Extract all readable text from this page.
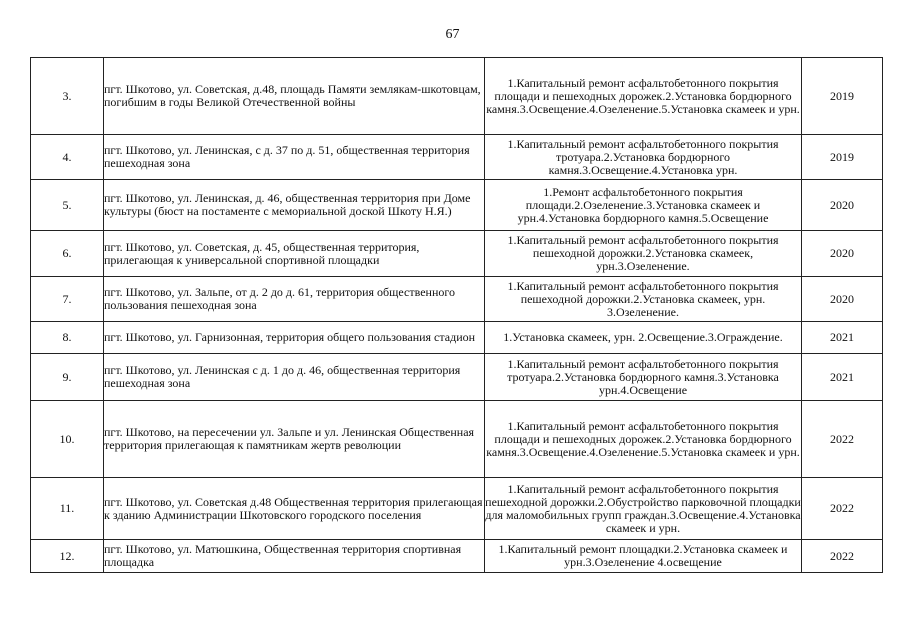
67
3.	пгт. Шкотово, ул. Советская, д.48, площадь Памяти землякам-шкотовцам, погибшим в годы Великой Отечественной войны	1.Капитальный ремонт асфальтобетонного покрытия площади и пешеходных дорожек.2.Установка бордюрного камня.3.Освещение.4.Озеленение.5.Установка скамеек и урн.	2019
4.	пгт. Шкотово, ул. Ленинская, с д. 37 по д. 51, общественная территория пешеходная зона	1.Капитальный ремонт асфальтобетонного покрытия тротуара.2.Установка бордюрного камня.3.Освещение.4.Установка урн.	2019
5.	пгт. Шкотово, ул. Ленинская, д. 46, общественная территория при Доме культуры (бюст на постаменте с мемориальной доской Шкоту Н.Я.)	1.Ремонт асфальтобетонного покрытия площади.2.Озеленение.3.Установка скамеек и урн.4.Установка бордюрного камня.5.Освещение	2020
6.	пгт. Шкотово, ул. Советская, д. 45, общественная территория, прилегающая к универсальной спортивной площадки	1.Капитальный ремонт асфальтобетонного покрытия пешеходной дорожки.2.Установка скамеек, урн.3.Озеленение.	2020
7.	пгт. Шкотово, ул. Зальпе, от д. 2 до д. 61, территория общественного пользования пешеходная зона	1.Капитальный ремонт асфальтобетонного покрытия пешеходной дорожки.2.Установка скамеек, урн. 3.Озеленение.	2020
8.	пгт. Шкотово, ул. Гарнизонная, территория общего пользования стадион	1.Установка скамеек, урн. 2.Освещение.3.Ограждение.	2021
9.	пгт. Шкотово, ул. Ленинская с д. 1 до д. 46, общественная территория пешеходная зона	1.Капитальный ремонт асфальтобетонного покрытия тротуара.2.Установка бордюрного камня.3.Установка урн.4.Освещение	2021
10.	пгт. Шкотово, на пересечении ул. Зальпе и ул. Ленинская Общественная территория прилегающая к памятникам жертв революции	1.Капитальный ремонт асфальтобетонного покрытия площади и пешеходных дорожек.2.Установка бордюрного камня.3.Освещение.4.Озеленение.5.Установка скамеек и урн.	2022
11.	пгт. Шкотово, ул. Советская д.48 Общественная территория прилегающая к зданию Администрации Шкотовского городского поселения	1.Капитальный ремонт асфальтобетонного покрытия пешеходной дорожки.2.Обустройство парковочной площадки для маломобильных групп граждан.3.Освещение.4.Установка скамеек и урн.	2022
12.	пгт. Шкотово, ул. Матюшкина, Общественная территория спортивная площадка	1.Капитальный ремонт площадки.2.Установка скамеек и урн.3.Озеленение 4.освещение	2022
